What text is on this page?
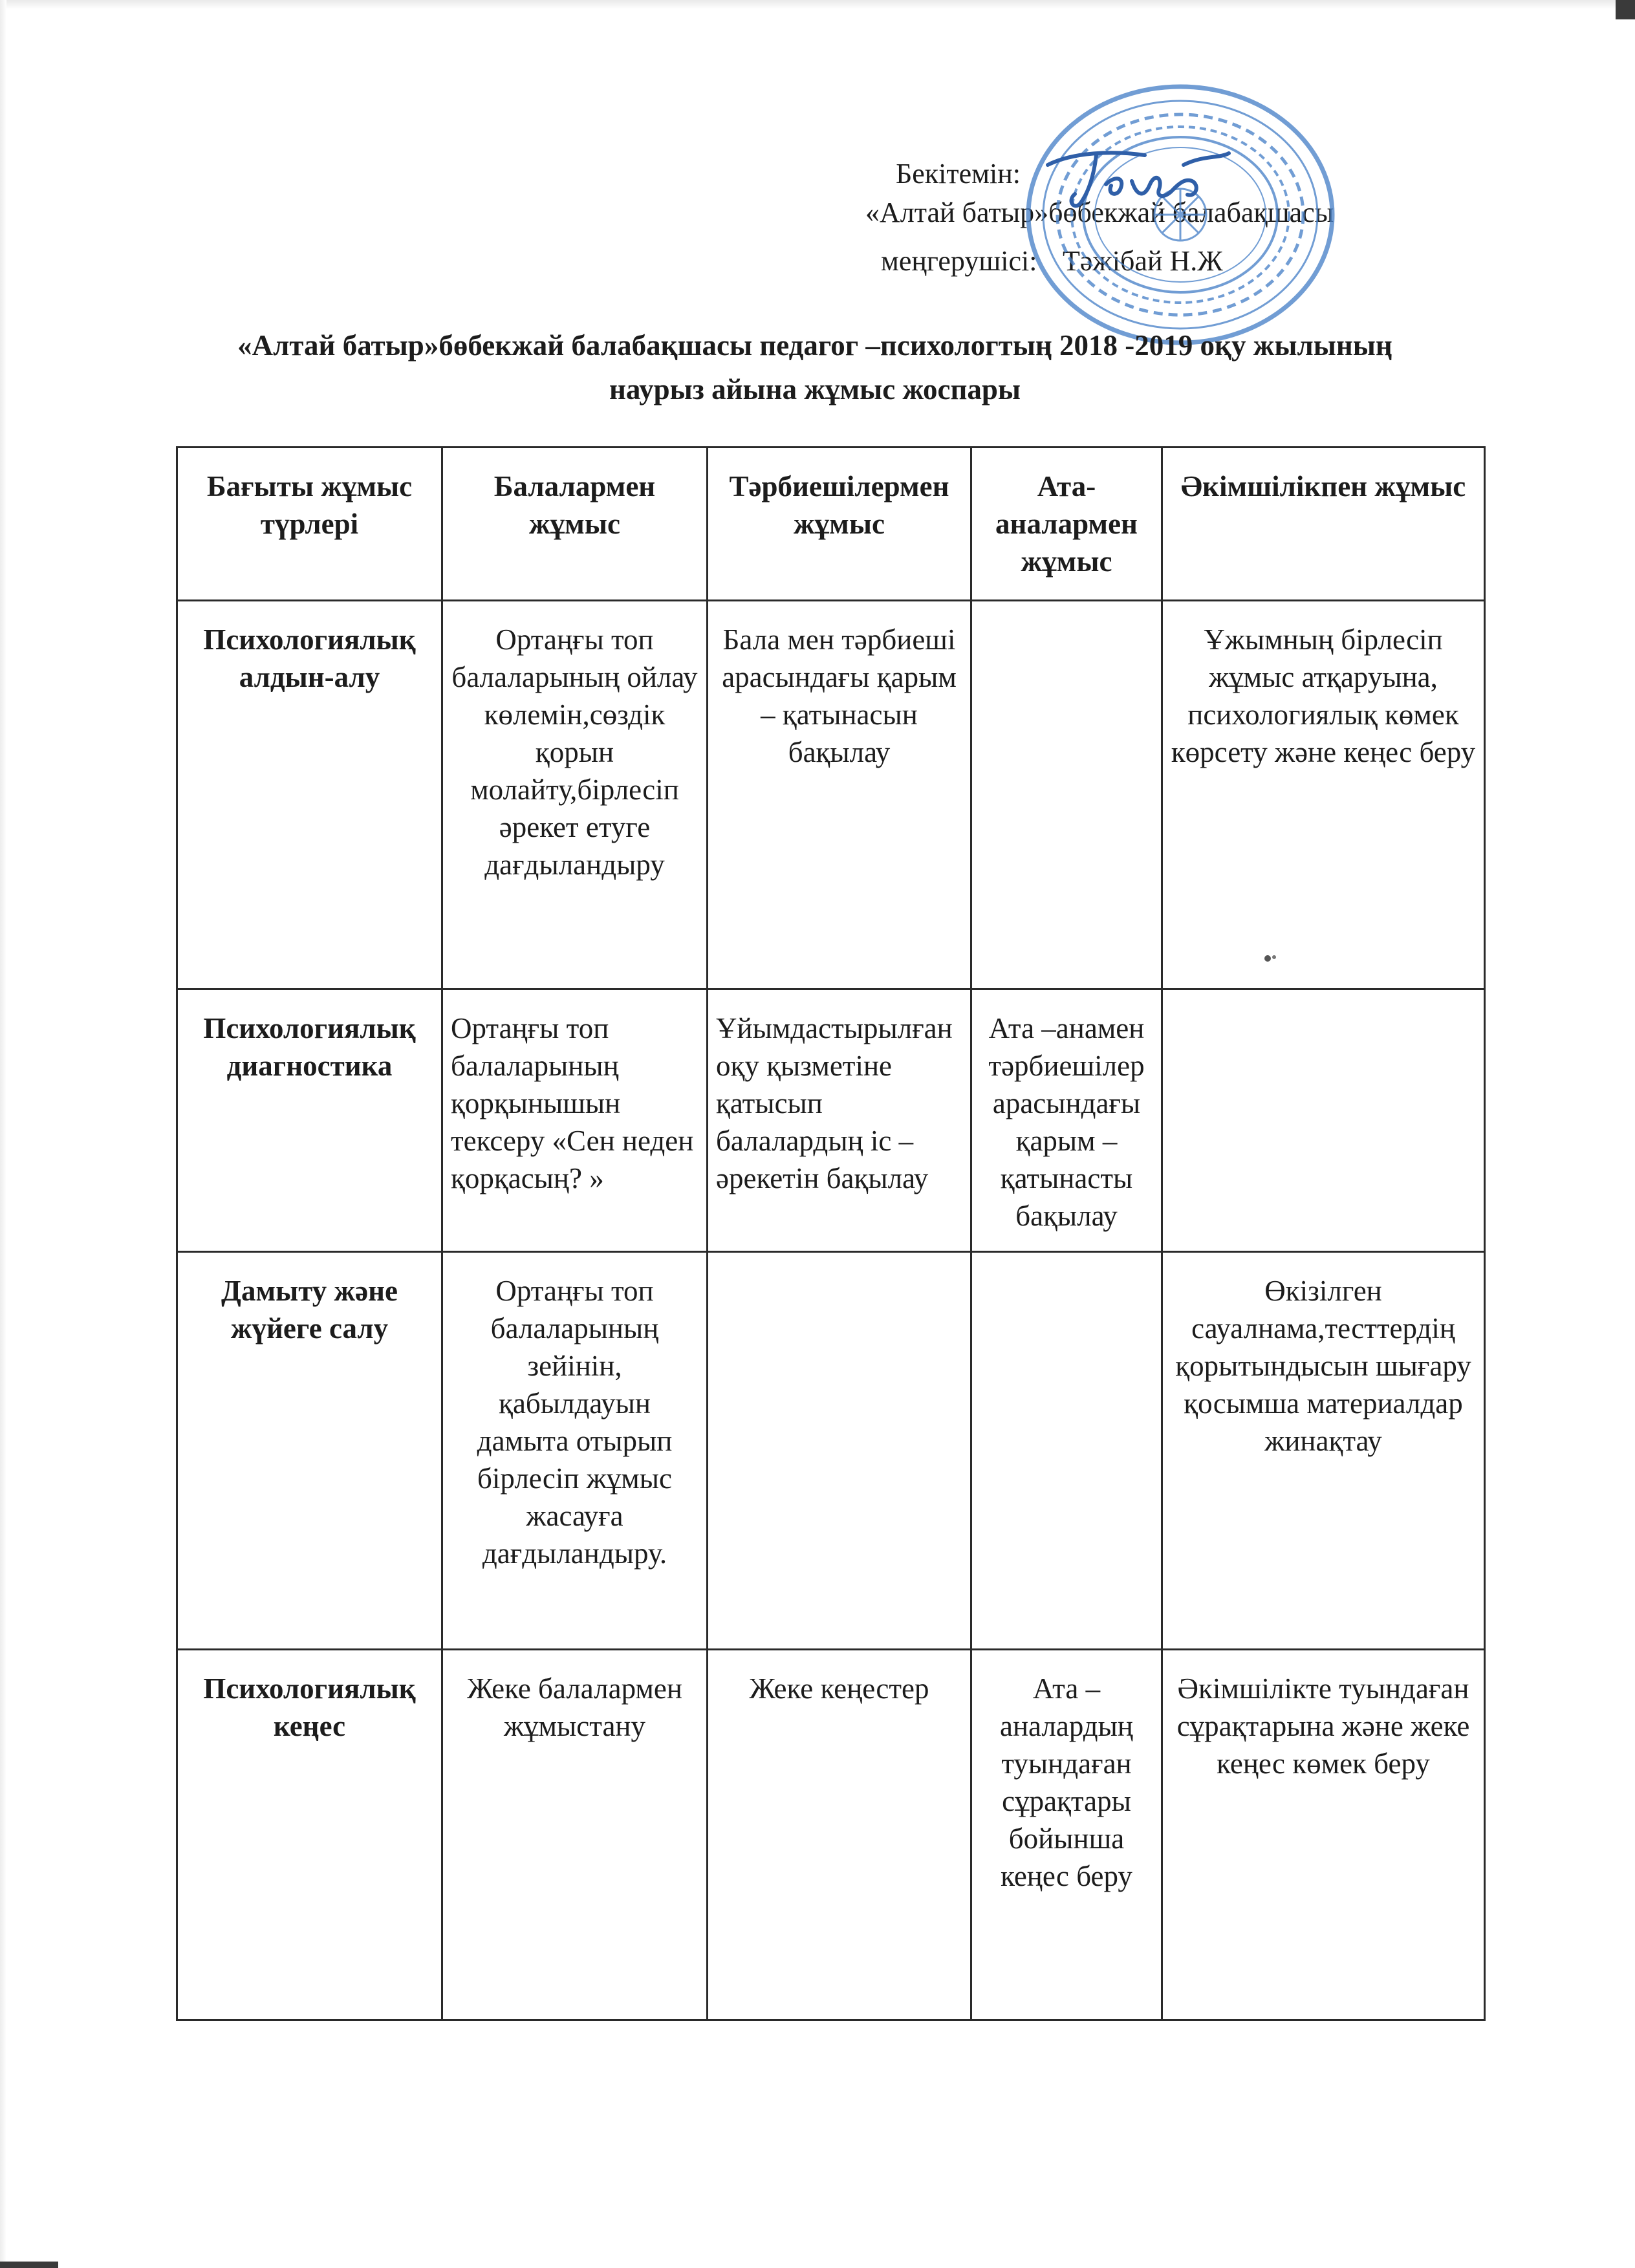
Бекітемін:
«Алтай батыр»бөбекжай балабақшасы
меңгерушісі: Тәжібай Н.Ж
«Алтай батыр»бөбекжай балабақшасы педагог –психологтың 2018 -2019 оқу жылының
наурыз айына жұмыс жоспары
Бағыты жұмыс түрлері	Балалармен жұмыс	Тәрбиешілермен жұмыс	Ата-аналармен жұмыс	Әкімшілікпен жұмыс
Психологиялық алдын-алу	Ортаңғы топ балаларының ойлау көлемін,сөздік қорын молайту,бірлесіп әрекет етуге дағдыландыру	Бала мен тәрбиеші арасындағы қарым – қатынасын бақылау		Ұжымның бірлесіп жұмыс атқаруына, психологиялық көмек көрсету және кеңес беру
Психологиялық диагностика	Ортаңғы топ балаларының қорқынышын тексеру «Сен неден қорқасың? »	Ұйымдастырылған оқу қызметіне қатысып балалардың іс – әрекетін бақылау	Ата –анамен тәрбиешілер арасындағы қарым – қатынасты бақылау	
Дамыту және жүйеге салу	Ортаңғы топ балаларының зейінін, қабылдауын дамыта отырып бірлесіп жұмыс жасауға дағдыландыру.			Өкізілген сауалнама,тесттердің қорытындысын шығару қосымша материалдар жинақтау
Психологиялық кеңес	Жеке балалармен жұмыстану	Жеке кеңестер	Ата – аналардың туындаған сұрақтары бойынша кеңес беру	Әкімшілікте туындаған сұрақтарына және жеке кеңес көмек беру
